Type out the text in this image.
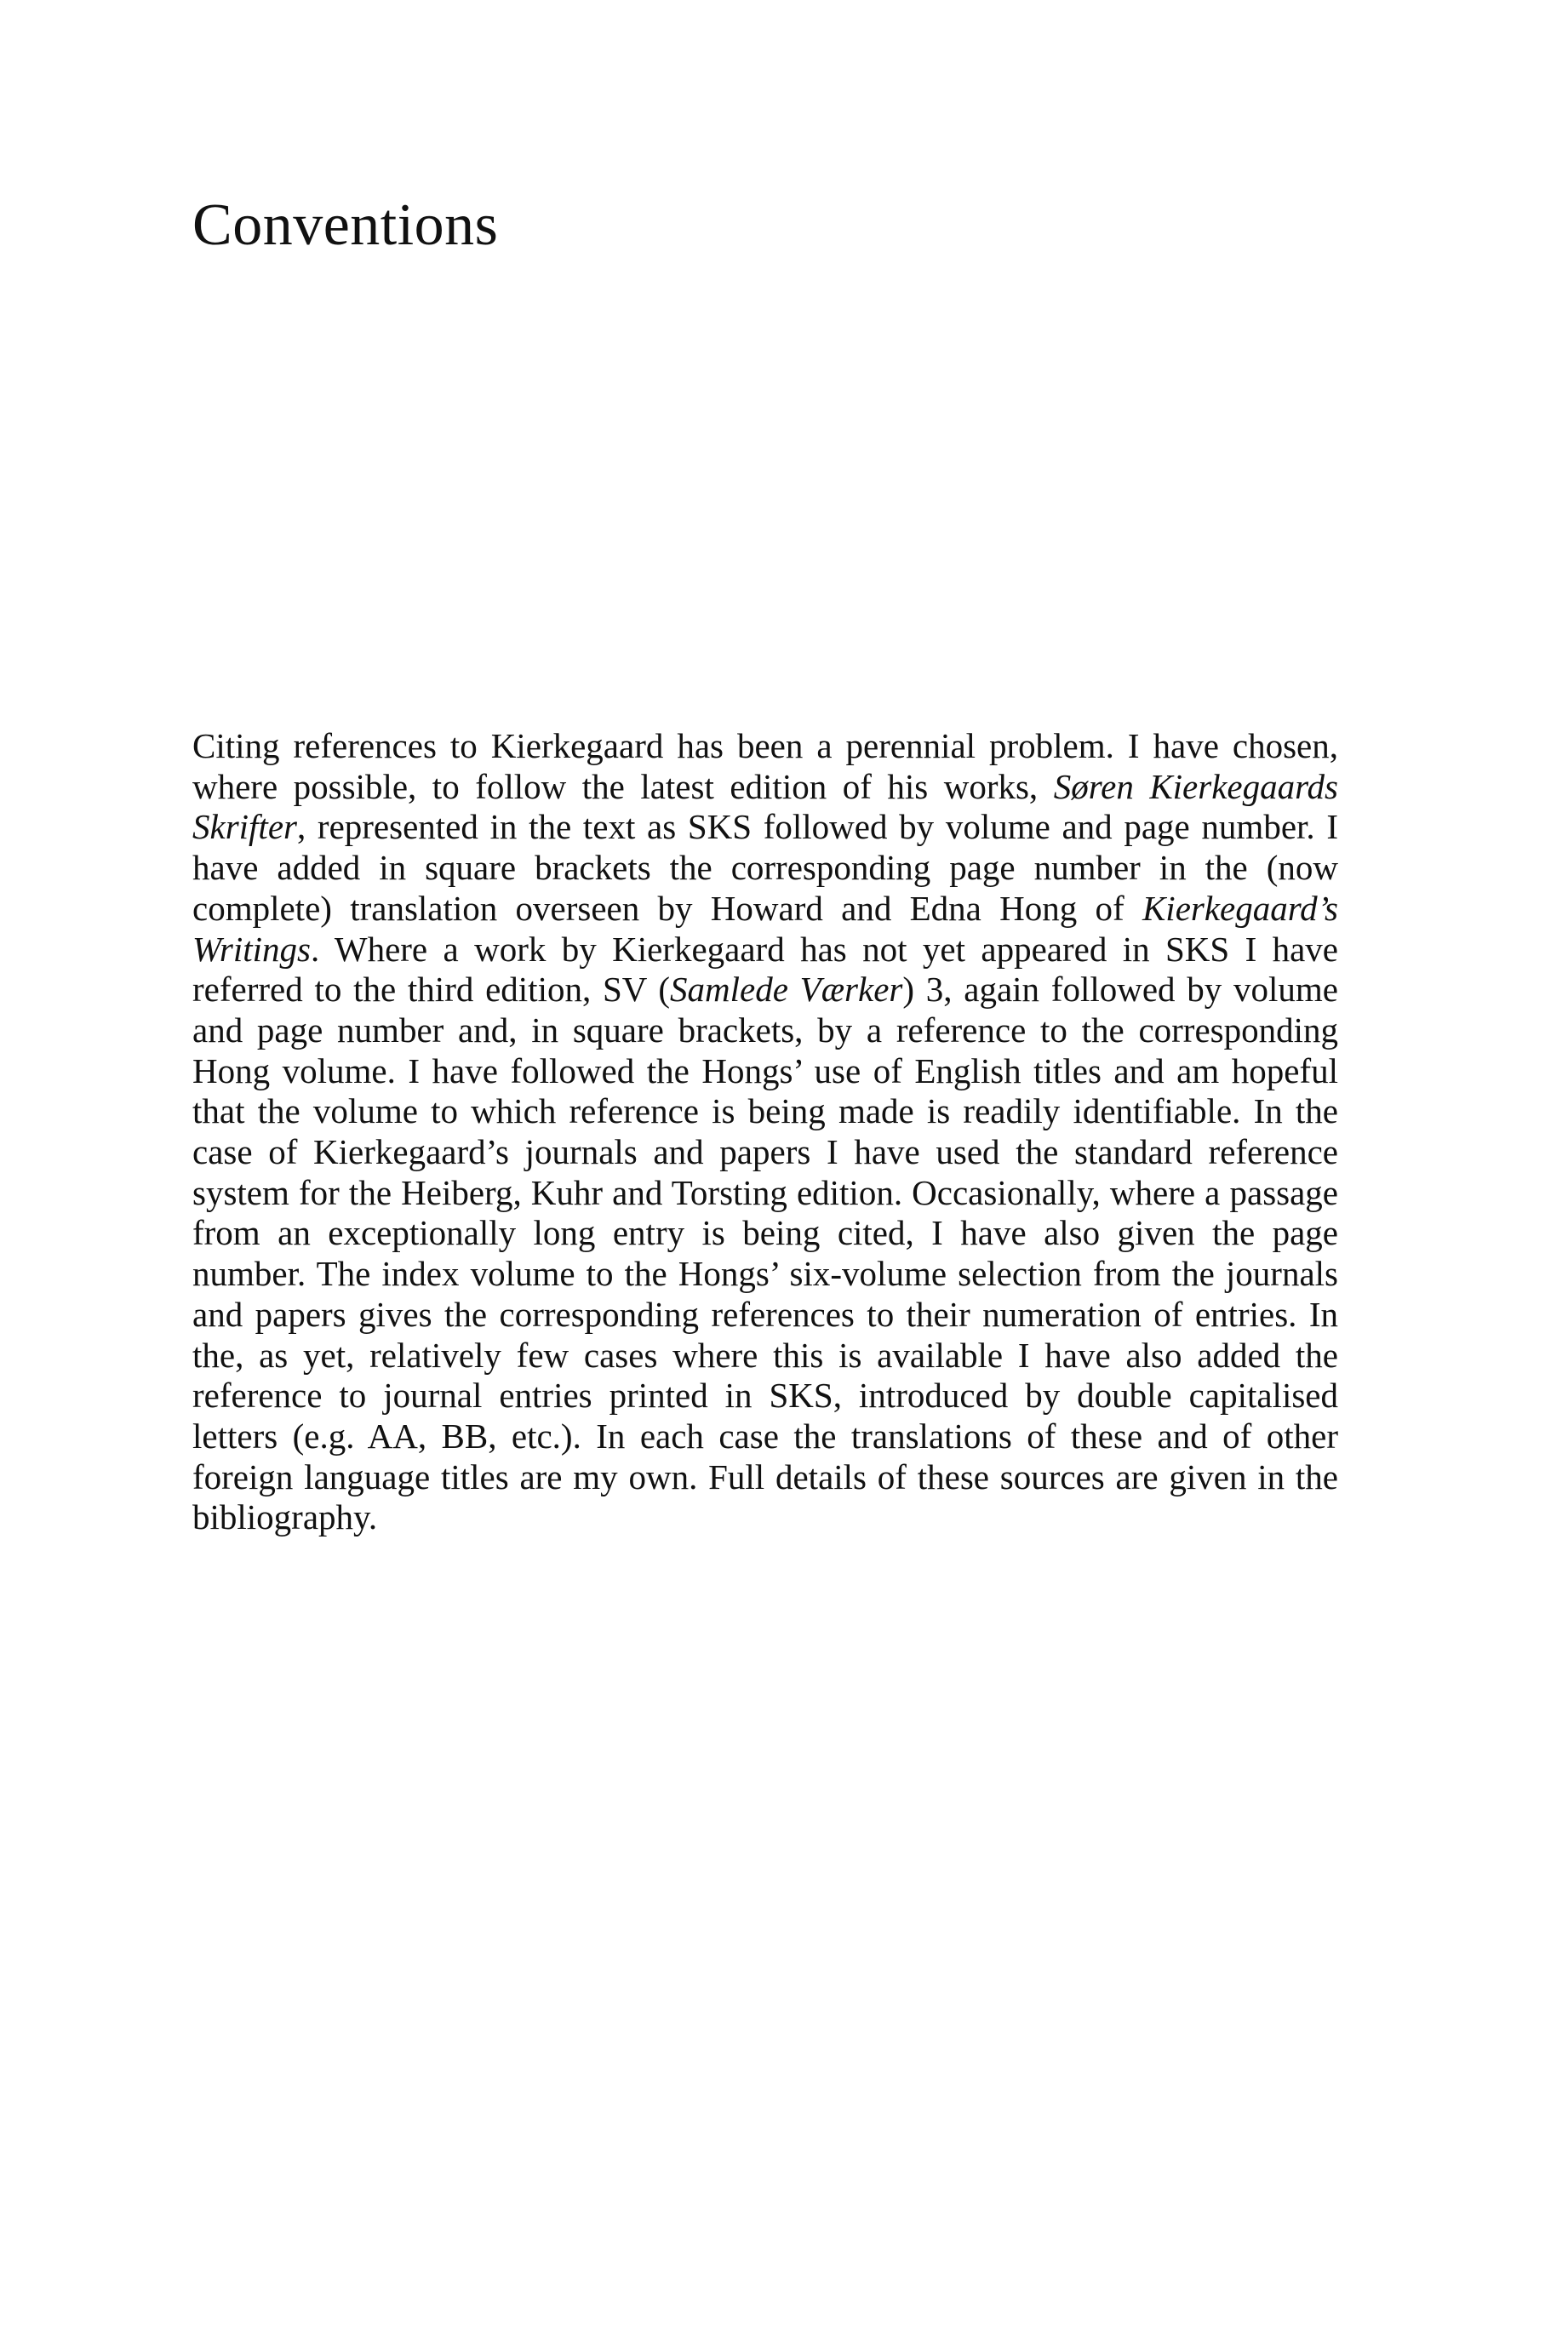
Conventions

Citing references to Kierkegaard has been a perennial problem. I have chosen, where possible, to follow the latest edition of his works, Søren Kierkegaards Skrifter, represented in the text as SKS followed by volume and page number. I have added in square brackets the corresponding page number in the (now complete) translation overseen by Howard and Edna Hong of Kierkegaard’s Writings. Where a work by Kierkegaard has not yet appeared in SKS I have referred to the third edition, SV (Samlede Værker) 3, again followed by volume and page number and, in square brackets, by a reference to the corresponding Hong volume. I have followed the Hongs’ use of English titles and am hopeful that the volume to which reference is being made is readily identifiable. In the case of Kierkegaard’s journals and papers I have used the standard reference system for the Heiberg, Kuhr and Torsting edition. Occasionally, where a passage from an exceptionally long entry is being cited, I have also given the page number. The index volume to the Hongs’ six-volume selection from the journals and papers gives the corresponding references to their numeration of entries. In the, as yet, relatively few cases where this is available I have also added the reference to journal entries printed in SKS, introduced by double capitalised letters (e.g. AA, BB, etc.). In each case the translations of these and of other foreign language titles are my own. Full details of these sources are given in the bibliography.
